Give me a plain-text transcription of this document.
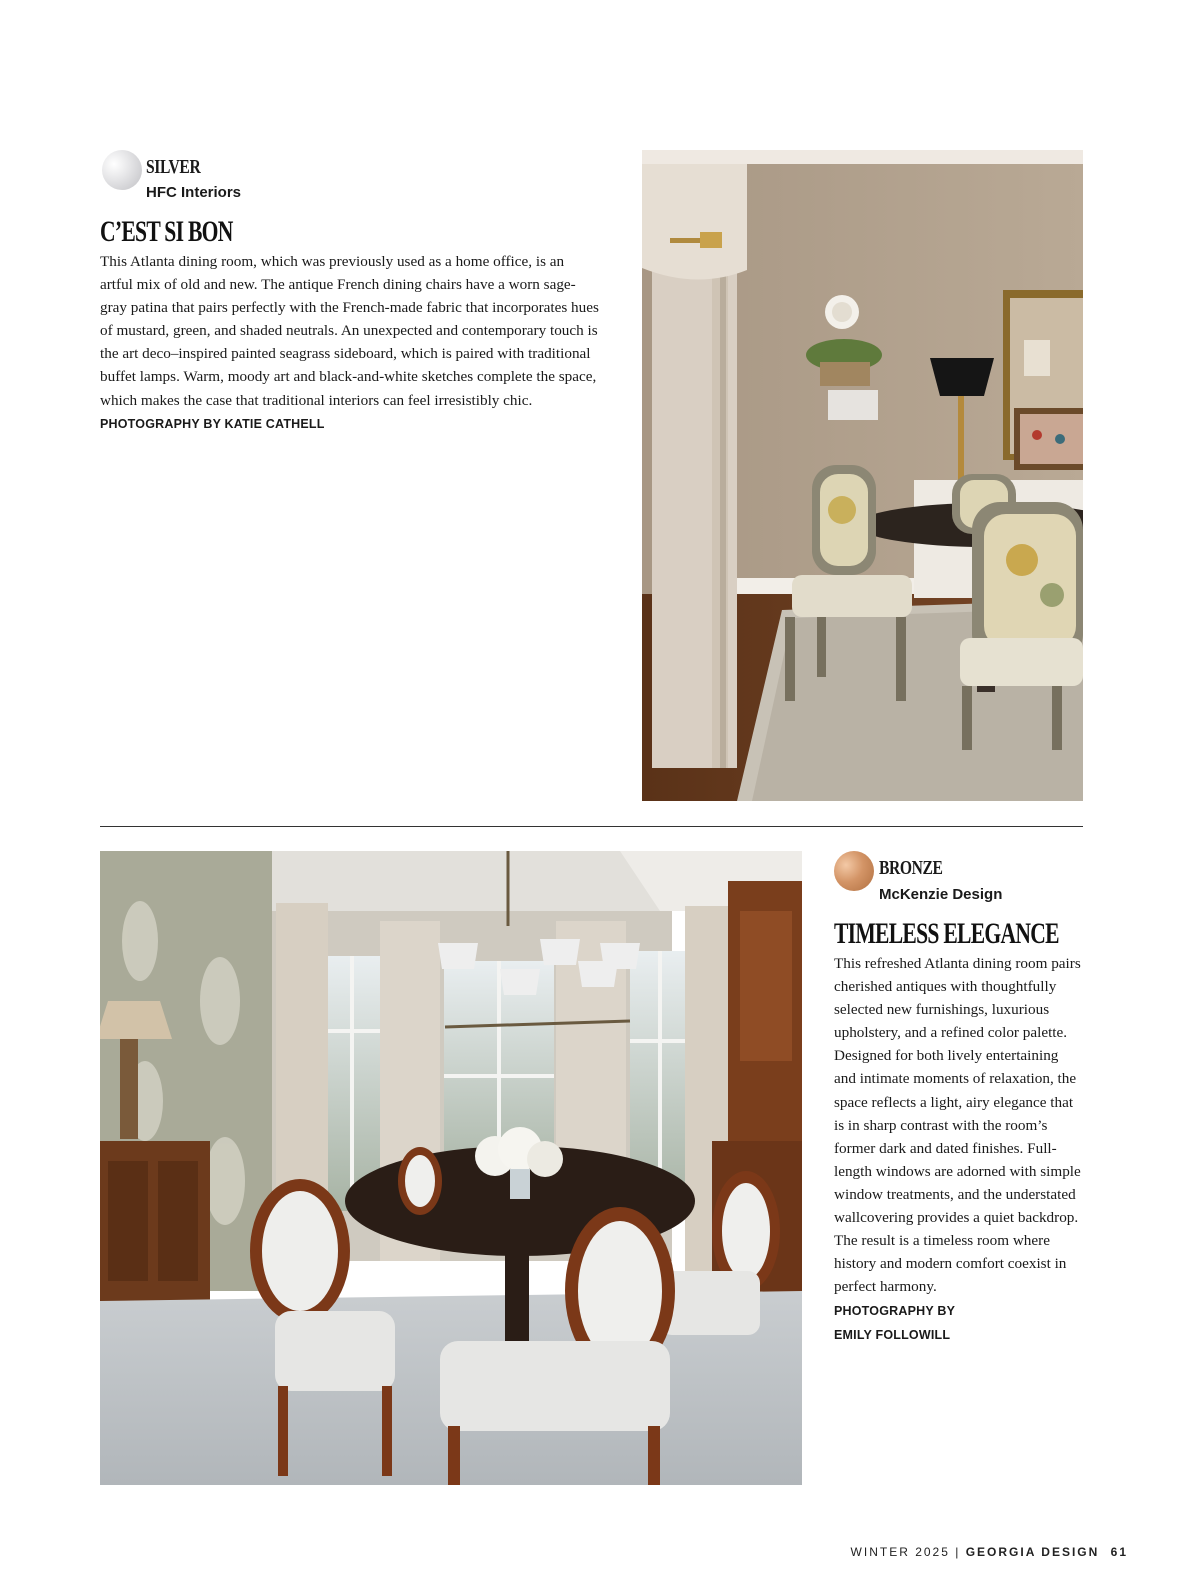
SILVER
HFC Interiors
C’EST SI BON
This Atlanta dining room, which was previously used as a home office, is an artful mix of old and new. The antique French dining chairs have a worn sage-gray patina that pairs perfectly with the French-made fabric that incorporates hues of mustard, green, and shaded neutrals. An unexpected and contemporary touch is the art deco–inspired painted seagrass sideboard, which is paired with traditional buffet lamps. Warm, moody art and black-and-white sketches complete the space, which makes the case that traditional interiors can feel irresistibly chic. PHOTOGRAPHY BY KATIE CATHELL
BRONZE
McKenzie Design
TIMELESS ELEGANCE
This refreshed Atlanta dining room pairs cherished antiques with thoughtfully selected new furnishings, luxurious upholstery, and a refined color palette. Designed for both lively entertaining and intimate moments of relaxation, the space reflects a light, airy elegance that is in sharp contrast with the room’s former dark and dated finishes. Full-length windows are adorned with simple window treatments, and the understated wallcovering provides a quiet backdrop. The result is a timeless room where history and modern comfort coexist in perfect harmony.
PHOTOGRAPHY BY
EMILY FOLLOWILL
WINTER 2025 | GEORGIA DESIGN 61
